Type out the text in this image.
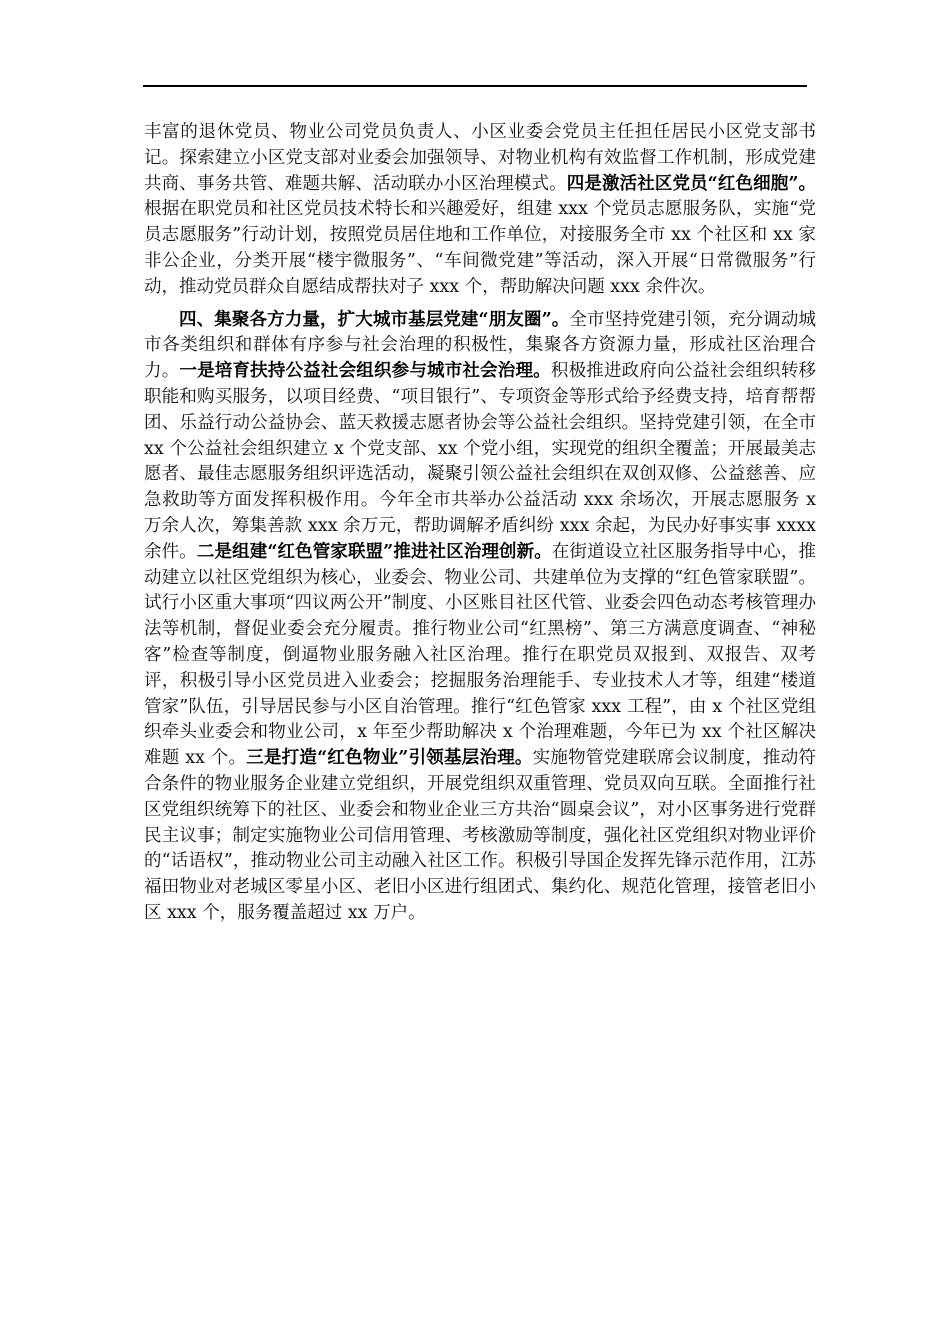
丰富的退休党员、物业公司党员负责人、小区业委会党员主任担任居民小区党支部书记。探索建立小区党支部对业委会加强领导、对物业机构有效监督工作机制，形成党建共商、事务共管、难题共解、活动联办小区治理模式。四是激活社区党员“红色细胞”。根据在职党员和社区党员技术特长和兴趣爱好，组建 xxx 个党员志愿服务队，实施“党员志愿服务”行动计划，按照党员居住地和工作单位，对接服务全市 xx 个社区和 xx 家非公企业，分类开展“楼宇微服务”、“车间微党建”等活动，深入开展“日常微服务”行动，推动党员群众自愿结成帮扶对子 xxx 个，帮助解决问题 xxx 余件次。

四、集聚各方力量，扩大城市基层党建“朋友圈”。全市坚持党建引领，充分调动城市各类组织和群体有序参与社会治理的积极性，集聚各方资源力量，形成社区治理合力。一是培育扶持公益社会组织参与城市社会治理。积极推进政府向公益社会组织转移职能和购买服务，以项目经费、“项目银行”、专项资金等形式给予经费支持，培育帮帮团、乐益行动公益协会、蓝天救援志愿者协会等公益社会组织。坚持党建引领，在全市 xx 个公益社会组织建立 x 个党支部、xx 个党小组，实现党的组织全覆盖；开展最美志愿者、最佳志愿服务组织评选活动，凝聚引领公益社会组织在双创双修、公益慈善、应急救助等方面发挥积极作用。今年全市共举办公益活动 xxx 余场次，开展志愿服务 x 万余人次，筹集善款 xxx 余万元，帮助调解矛盾纠纷 xxx 余起，为民办好事实事 xxxx 余件。二是组建“红色管家联盟”推进社区治理创新。在街道设立社区服务指导中心，推动建立以社区党组织为核心，业委会、物业公司、共建单位为支撑的“红色管家联盟”。试行小区重大事项“四议两公开”制度、小区账目社区代管、业委会四色动态考核管理办法等机制，督促业委会充分履责。推行物业公司“红黑榜”、第三方满意度调查、“神秘客”检查等制度，倒逼物业服务融入社区治理。推行在职党员双报到、双报告、双考评，积极引导小区党员进入业委会；挖掘服务治理能手、专业技术人才等，组建“楼道管家”队伍，引导居民参与小区自治管理。推行“红色管家 xxx 工程”，由 x 个社区党组织牵头业委会和物业公司，x 年至少帮助解决 x 个治理难题，今年已为 xx 个社区解决难题 xx 个。三是打造“红色物业”引领基层治理。实施物管党建联席会议制度，推动符合条件的物业服务企业建立党组织，开展党组织双重管理、党员双向互联。全面推行社区党组织统筹下的社区、业委会和物业企业三方共治“圆桌会议”，对小区事务进行党群民主议事；制定实施物业公司信用管理、考核激励等制度，强化社区党组织对物业评价的“话语权”，推动物业公司主动融入社区工作。积极引导国企发挥先锋示范作用，江苏福田物业对老城区零星小区、老旧小区进行组团式、集约化、规范化管理，接管老旧小区 xxx 个，服务覆盖超过 xx 万户。
